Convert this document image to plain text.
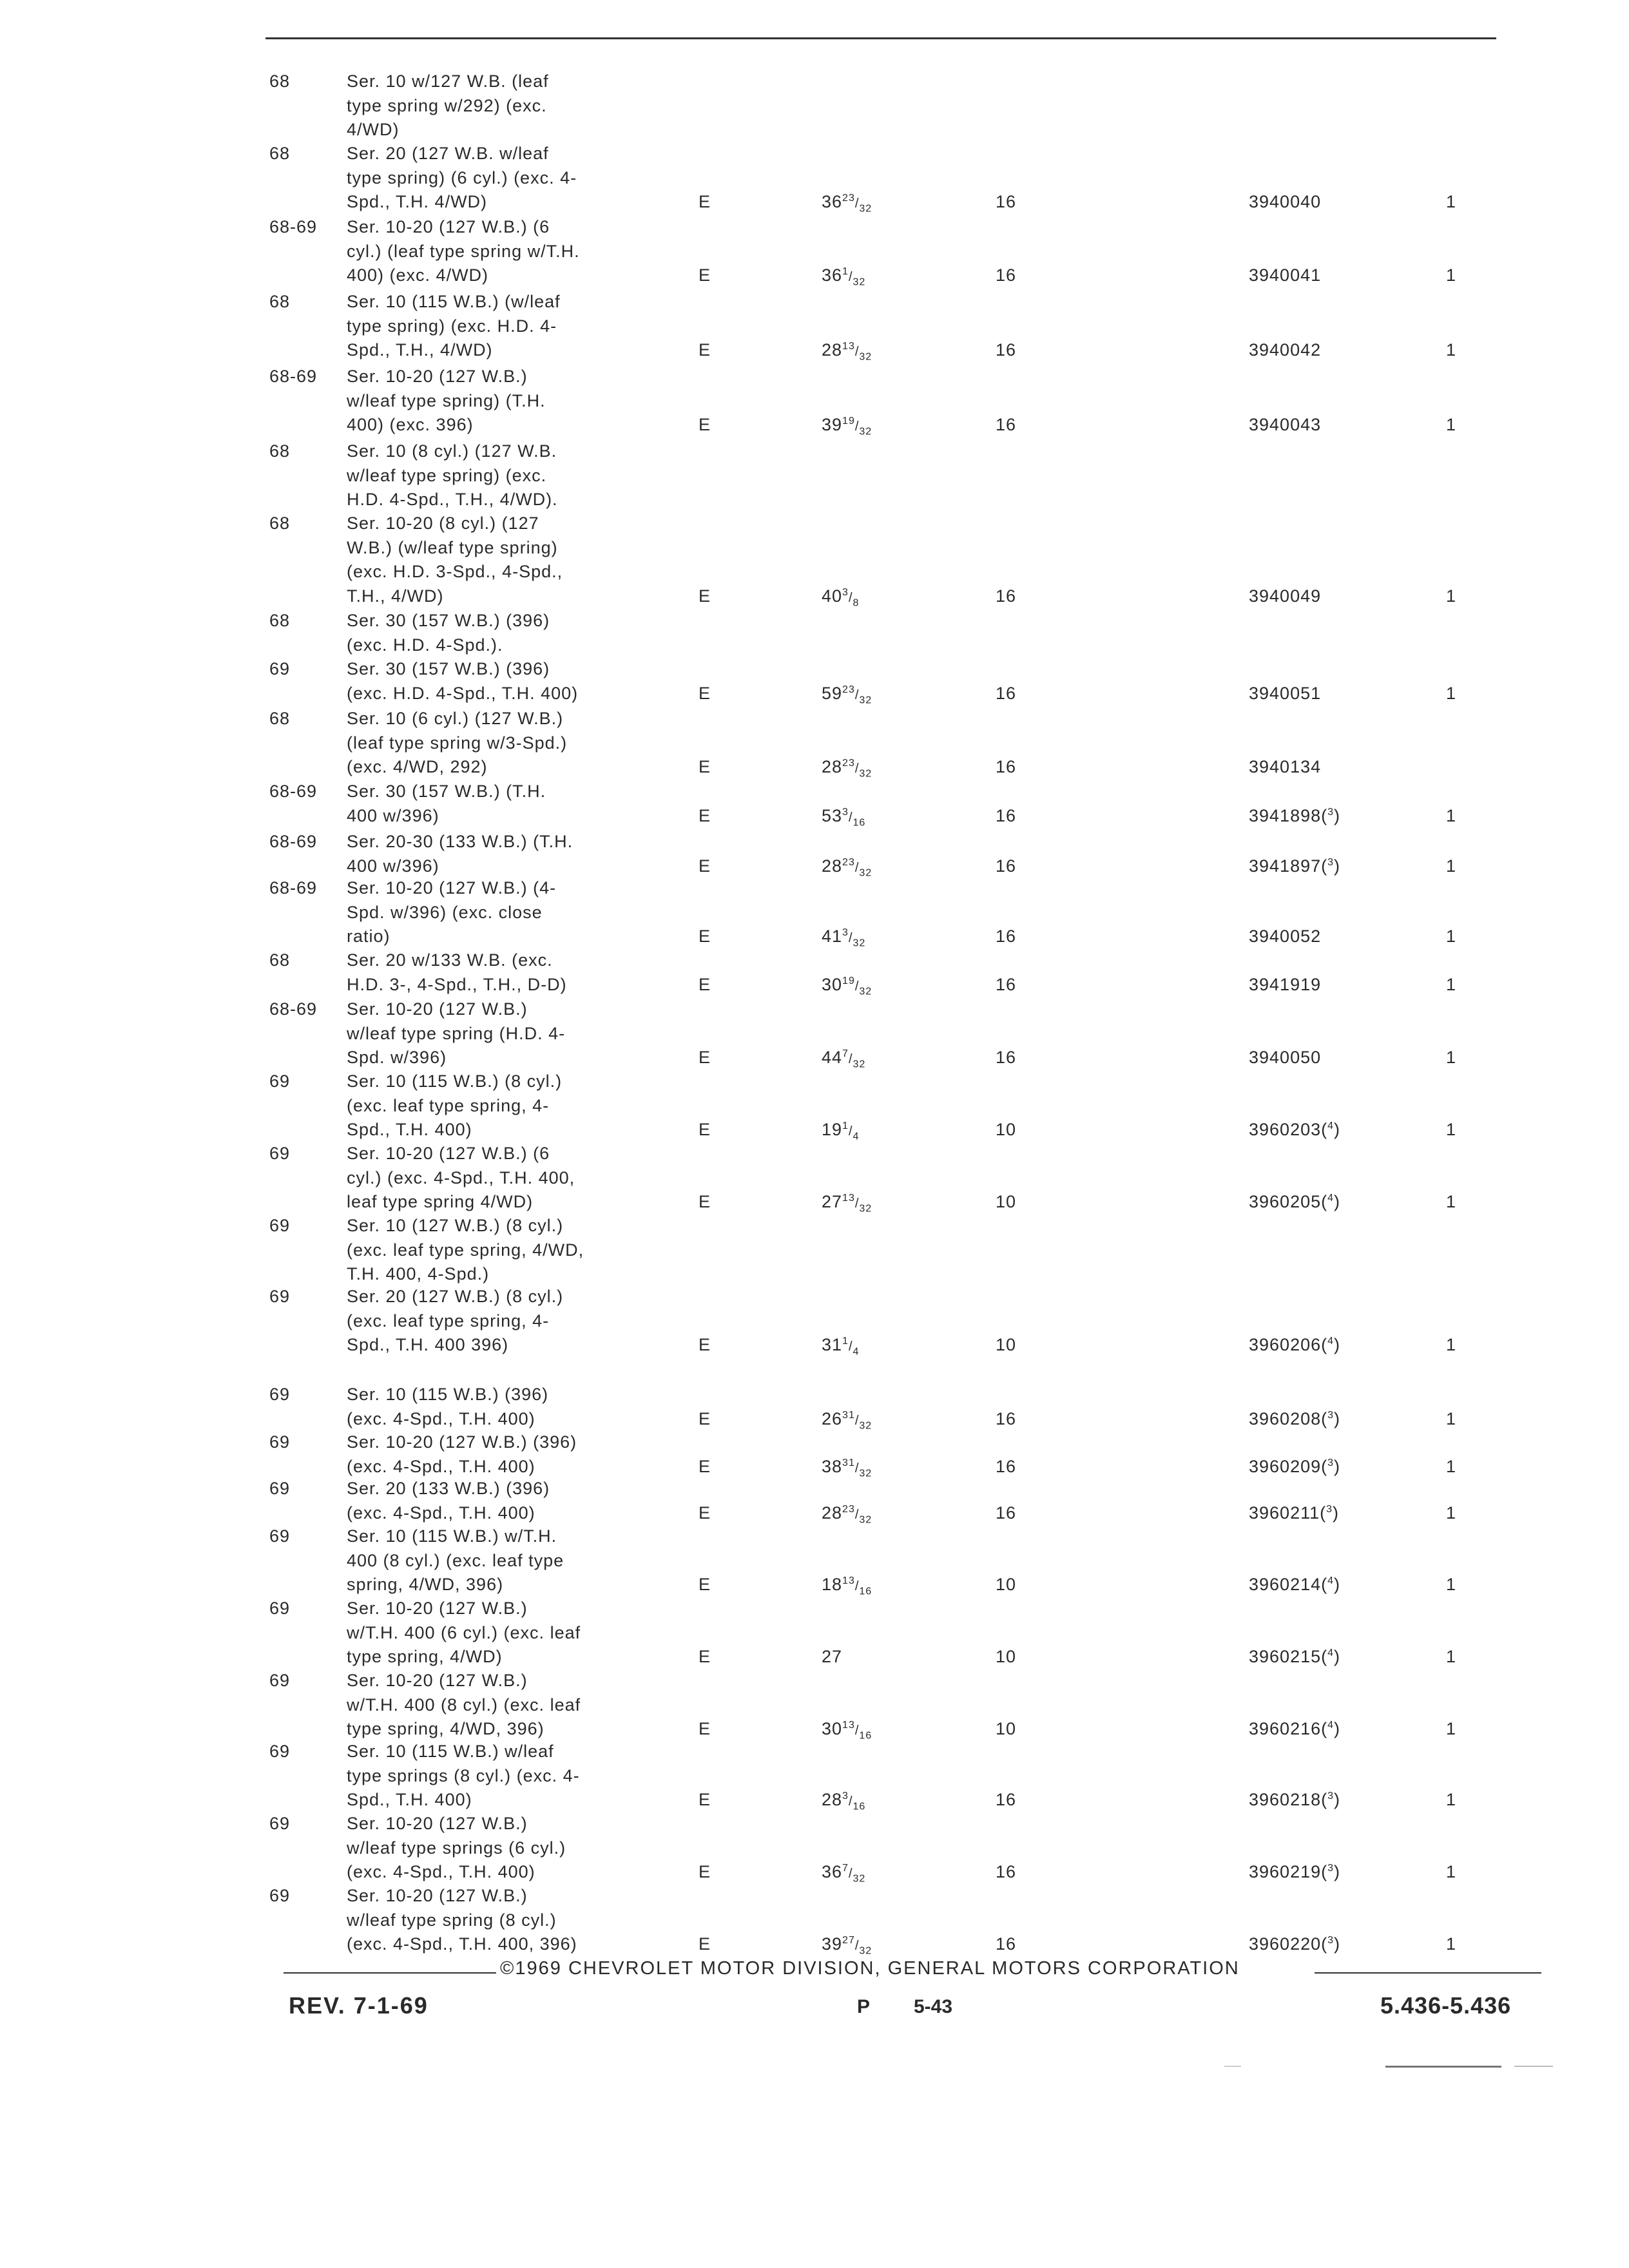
68	Ser. 10 w/127 W.B. (leaf
type spring w/292) (exc.
4/WD)
68	Ser. 20 (127 W.B. w/leaf
type spring) (6 cyl.) (exc. 4-
Spd., T.H. 4/WD)	E	$36^{23}/_{32}$	16	3940040	1
68-69 Ser. 10-20 (127 W.B.) (6
cyl.) (leaf type spring w/T.H.
400) (exc. 4/WD)	E	$36^1/_{32}$	16	3940041	1
68	Ser. 10 (115 W.B.) (w/leaf
type spring) (exc. H.D. 4-
Spd., T.H., 4/WD)	E	$28^{13}/_{32}$	16	3940042	1
68-69 Ser. 10-20 (127 W.B.)
w/leaf type spring) (T.H.
400) (exc. 396)	E	$39^{19}/_{32}$	16	3940043	1
68	Ser. 10 (8 cyl.) (127 W.B.
w/leaf type spring) (exc.
H.D. 4-Spd., T.H., 4/WD).
68	Ser. 10-20 (8 cyl.) (127
W.B.) (w/leaf type spring)
(exc. H.D. 3-Spd., 4-Spd.,
T.H., 4/WD)	E	$40^3/_8$	16	3940049	1
68	Ser. 30 (157 W.B.) (396)
(exc. H.D. 4-Spd.).
69	Ser. 30 (157 W.B.) (396)
(exc. H.D. 4-Spd., T.H. 400)	E	$59^{23}/_{32}$	16	3940051	1
68	Ser. 10 (6 cyl.) (127 W.B.)
(leaf type spring w/3-Spd.)
(exc. 4/WD, 292)	E	$28^{23}/_{32}$	16	3940134
68-69 Ser. 30 (157 W.B.) (T.H.
400 w/396)	E	$53^3/_{16}$	16	3941898($^3$)	1
68-69 Ser. 20-30 (133 W.B.) (T.H.
400 w/396)	E	$28^{23}/_{32}$	16	3941897($^3$)	1
68-69 Ser. 10-20 (127 W.B.) (4-
Spd. w/396) (exc. close
ratio)	E	$41^3/_{32}$	16	3940052	1
68	Ser. 20 w/133 W.B. (exc.
H.D. 3-, 4-Spd., T.H., D-D)	E	$30^{19}/_{32}$	16	3941919	1
68-69 Ser. 10-20 (127 W.B.)
w/leaf type spring (H.D. 4-
Spd. w/396)	E	$44^7/_{32}$	16	3940050	1
69	Ser. 10 (115 W.B.) (8 cyl.)
(exc. leaf type spring, 4-
Spd., T.H. 400)	E	$19^1/_4$	10	3960203($^4$)	1
69	Ser. 10-20 (127 W.B.) (6
cyl.) (exc. 4-Spd., T.H. 400,
leaf type spring 4/WD)	E	$27^{13}/_{32}$	10	3960205($^4$)	1
69	Ser. 10 (127 W.B.) (8 cyl.)
(exc. leaf type spring, 4/WD,
T.H. 400, 4-Spd.)
69	Ser. 20 (127 W.B.) (8 cyl.)
(exc. leaf type spring, 4-
Spd., T.H. 400 396)	E	$31^1/_4$	10	3960206($^4$)	1
69	Ser. 10 (115 W.B.) (396)
(exc. 4-Spd., T.H. 400)	E	$26^{31}/_{32}$	16	3960208($^3$)	1
69	Ser. 10-20 (127 W.B.) (396)
(exc. 4-Spd., T.H. 400)	E	$38^{31}/_{32}$	16	3960209($^3$)	1
69	Ser. 20 (133 W.B.) (396)
(exc. 4-Spd., T.H. 400)	E	$28^{23}/_{32}$	16	3960211($^3$)	1
69	Ser. 10 (115 W.B.) w/T.H.
400 (8 cyl.) (exc. leaf type
spring, 4/WD, 396)	E	$18^{13}/_{16}$	10	3960214($^4$)	1
69	Ser. 10-20 (127 W.B.)
w/T.H. 400 (6 cyl.) (exc. leaf
type spring, 4/WD)	E	27	10	3960215($^4$)	1
69	Ser. 10-20 (127 W.B.)
w/T.H. 400 (8 cyl.) (exc. leaf
type spring, 4/WD, 396)	E	$30^{13}/_{16}$	10	3960216($^4$)	1
69	Ser. 10 (115 W.B.) w/leaf
type springs (8 cyl.) (exc. 4-
Spd., T.H. 400)	E	$28^3/_{16}$	16	3960218($^3$)	1
69	Ser. 10-20 (127 W.B.)
w/leaf type springs (6 cyl.)
(exc. 4-Spd., T.H. 400)	E	$36^7/_{32}$	16	3960219($^3$)	1
69	Ser. 10-20 (127 W.B.)
w/leaf type spring (8 cyl.)
(exc. 4-Spd., T.H. 400, 396)	E	$39^{27}/_{32}$	16	3960220($^3$)	1
©1969 CHEVROLET MOTOR DIVISION, GENERAL MOTORS CORPORATION
REV. 7-1-69	P 5-43	5.436-5.436
